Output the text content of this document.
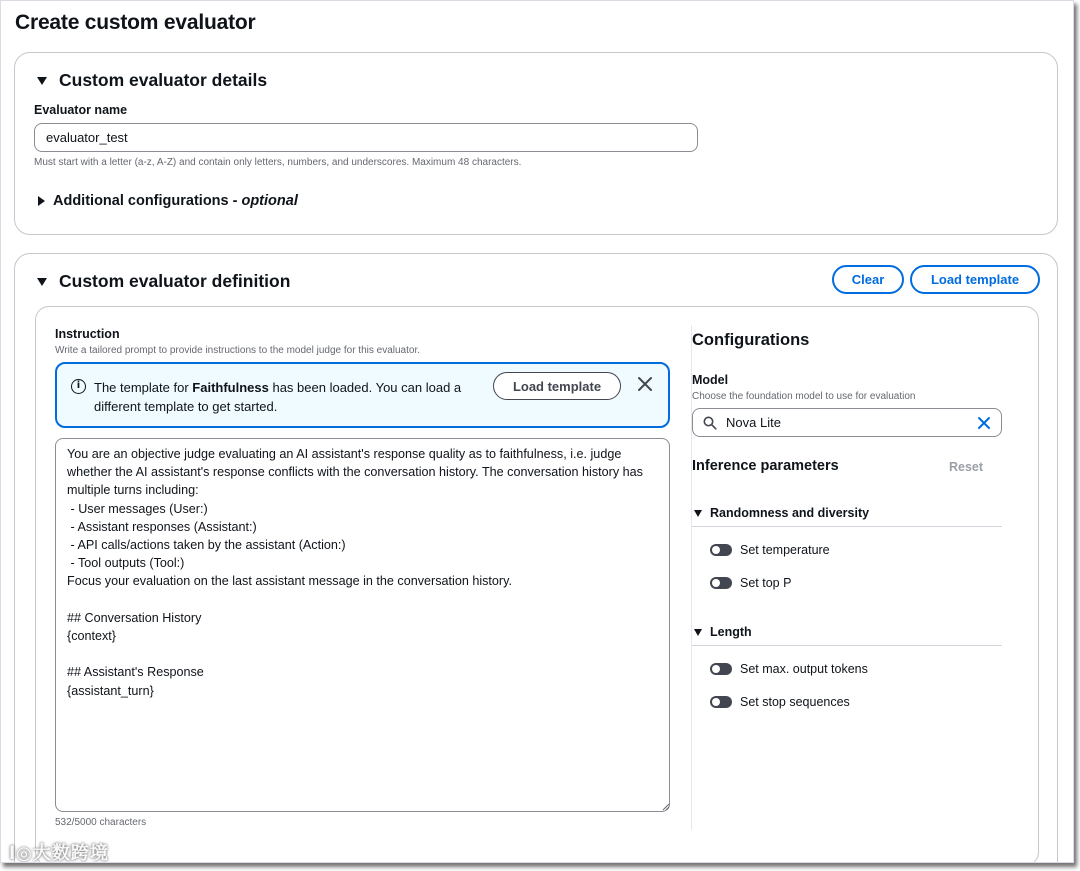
Create custom evaluator
Custom evaluator details
Evaluator name
evaluator_test
Must start with a letter (a-z, A-Z) and contain only letters, numbers, and underscores. Maximum 48 characters.
Additional configurations - optional
Custom evaluator definition	Clear	Load template
Instruction
Write a tailored prompt to provide instructions to the model judge for this evaluator.
i	The template for Faithfulness has been loaded. You can load a different template to get started.
Load template
You are an objective judge evaluating an AI assistant's response quality as to faithfulness, i.e. judge whether the AI assistant's response conflicts with the conversation history. The conversation history has multiple turns including:
- User messages (User:)
- Assistant responses (Assistant:)
- API calls/actions taken by the assistant (Action:)
- Tool outputs (Tool:)
Focus your evaluation on the last assistant message in the conversation history.

## Conversation History
{context}

## Assistant's Response
{assistant_turn}
532/5000 characters
Configurations
Model
Choose the foundation model to use for evaluation
Nova Lite
Inference parameters	Reset
Randomness and diversity
Set temperature
Set top P
Length
Set max. output tokens
Set stop sequences
ⅼ◎大数跨境
